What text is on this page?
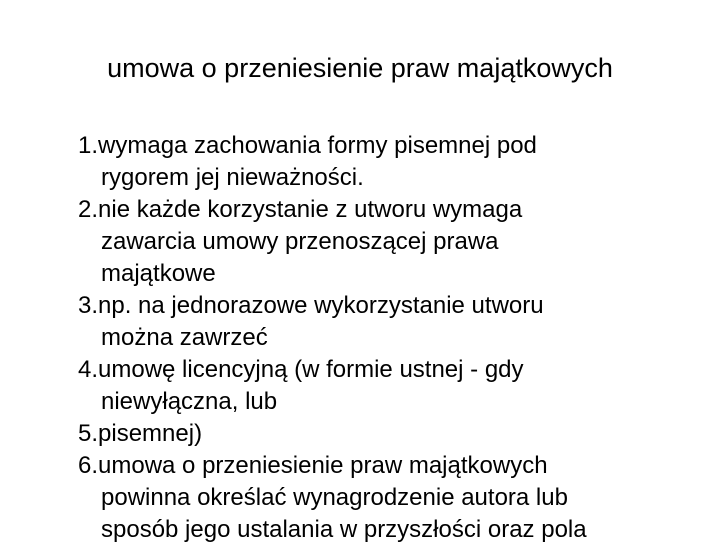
umowa o przeniesienie praw majątkowych
1.wymaga zachowania formy pisemnej pod
rygorem jej nieważności.
2.nie każde korzystanie z utworu wymaga
zawarcia umowy przenoszącej prawa
majątkowe
3.np. na jednorazowe wykorzystanie utworu
można zawrzeć
4.umowę licencyjną (w formie ustnej - gdy
niewyłączna, lub
5.pisemnej)
6.umowa o przeniesienie praw majątkowych
powinna określać wynagrodzenie autora lub
sposób jego ustalania w przyszłości oraz pola
